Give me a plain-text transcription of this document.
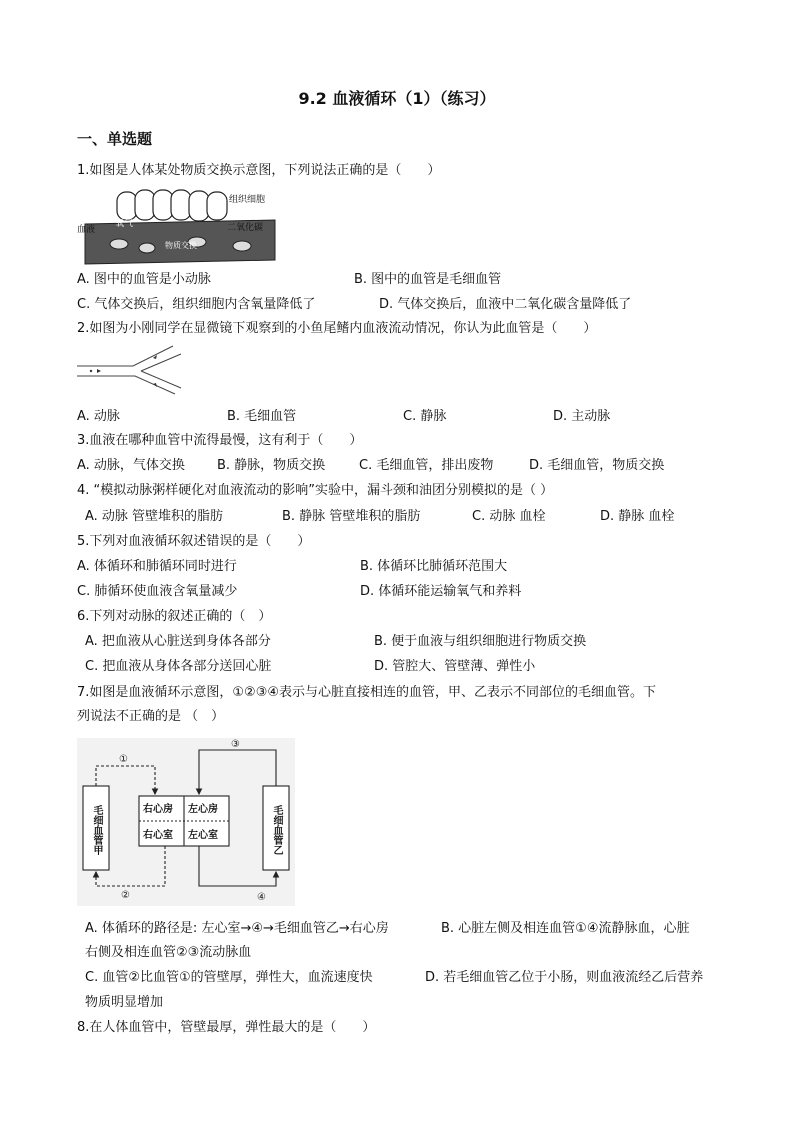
9.2 血液循环（1）（练习）
一、单选题
1.如图是人体某处物质交换示意图，下列说法正确的是（　　）
组织细胞
血液
氧气	二氧化碳
物质交换
A. 图中的血管是小动脉	B. 图中的血管是毛细血管
C. 气体交换后，组织细胞内含氧量降低了	D. 气体交换后，血液中二氧化碳含量降低了
2.如图为小刚同学在显微镜下观察到的小鱼尾鳍内血液流动情况，你认为此血管是（　　）
A. 动脉	B. 毛细血管	C. 静脉	D. 主动脉
3.血液在哪种血管中流得最慢，这有利于（　　）
A. 动脉，气体交换 B. 静脉，物质交换	C. 毛细血管，排出废物	D. 毛细血管，物质交换
4. “模拟动脉粥样硬化对血液流动的影响”实验中，漏斗颈和油团分别模拟的是（ ）
A. 动脉 管壁堆积的脂肪	B. 静脉 管壁堆积的脂肪	C. 动脉 血栓	D. 静脉 血栓
5.下列对血液循环叙述错误的是（　　）
A. 体循环和肺循环同时进行	B. 体循环比肺循环范围大
C. 肺循环使血液含氧量减少	D. 体循环能运输氧气和养料
6.下列对动脉的叙述正确的（　）
A. 把血液从心脏送到身体各部分	B. 便于血液与组织细胞进行物质交换
C. 把血液从身体各部分送回心脏	D. 管腔大、管壁薄、弹性小
7.如图是血液循环示意图，①②③④表示与心脏直接相连的血管，甲、乙表示不同部位的毛细血管。下
列说法不正确的是 （　）
①
②
③
④
毛细血管甲	毛细血管乙
右心房 左心房
右心室 左心室
A. 体循环的路径是: 左心室→④→毛细血管乙→右心房	B. 心脏左侧及相连血管①④流静脉血，心脏
右侧及相连血管②③流动脉血
C. 血管②比血管①的管壁厚，弹性大，血流速度快	D. 若毛细血管乙位于小肠，则血液流经乙后营养
物质明显增加
8.在人体血管中，管壁最厚，弹性最大的是（　　）
